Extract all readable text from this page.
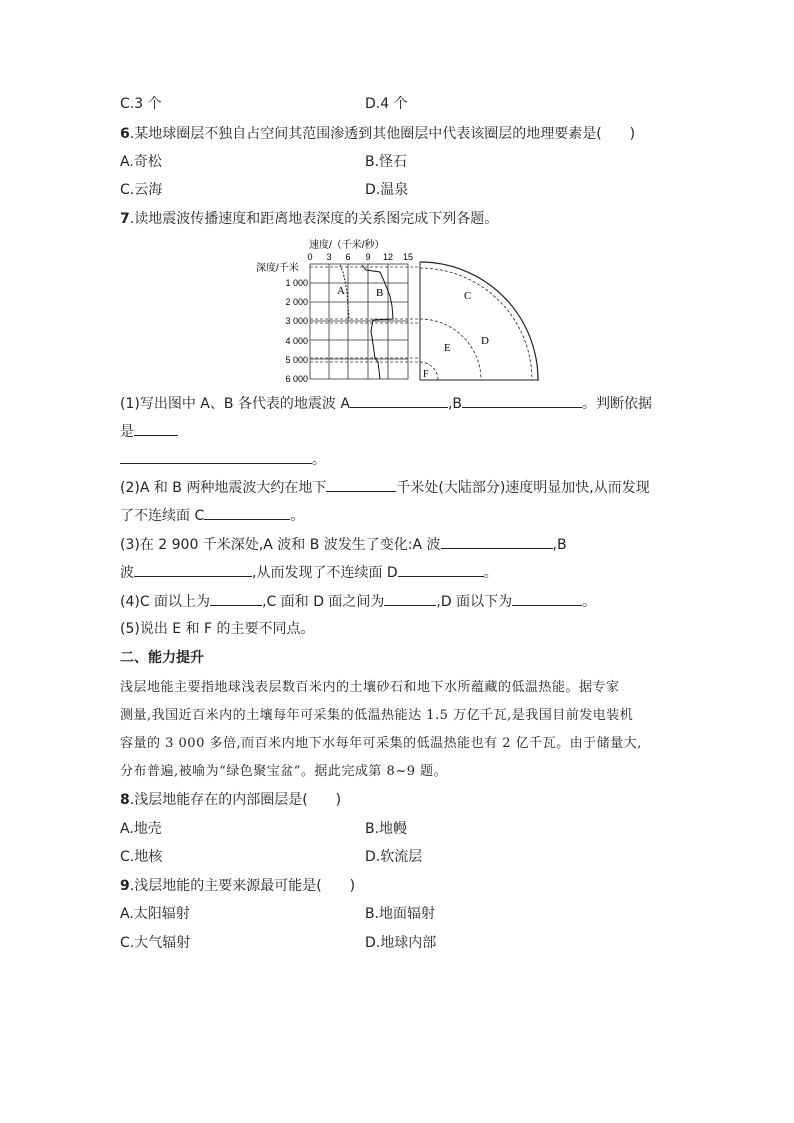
C.3 个	D.4 个
6.某地球圈层不独自占空间其范围渗透到其他圈层中代表该圈层的地理要素是(　　)
A.奇松	B.怪石
C.云海	D.温泉
7.读地震波传播速度和距离地表深度的关系图完成下列各题。
速度/（千米/秒）
0 3 6 9 12 15
深度/千米
1 000
2 000
3 000
4 000
5 000
6 000
A	B	C
D
E
F
(1)写出图中 A、B 各代表的地震波 A	,B	。判断依据
是
。
(2)A 和 B 两种地震波大约在地下	千米处(大陆部分)速度明显加快,从而发现
了不连续面 C	。
(3)在 2 900 千米深处,A 波和 B 波发生了变化:A 波	,B
波	,从而发现了不连续面 D	。
(4)C 面以上为	,C 面和 D 面之间为	,D 面以下为	。
(5)说出 E 和 F 的主要不同点。
二、能力提升
浅层地能主要指地球浅表层数百米内的土壤砂石和地下水所蕴藏的低温热能。据专家
测量,我国近百米内的土壤每年可采集的低温热能达 1.5 万亿千瓦,是我国目前发电装机
容量的 3 000 多倍,而百米内地下水每年可采集的低温热能也有 2 亿千瓦。由于储量大,
分布普遍,被喻为“绿色聚宝盆”。据此完成第 8~9 题。
8.浅层地能存在的内部圈层是(　　)
A.地壳	B.地幔
C.地核	D.软流层
9.浅层地能的主要来源最可能是(　　)
A.太阳辐射	B.地面辐射
C.大气辐射	D.地球内部
